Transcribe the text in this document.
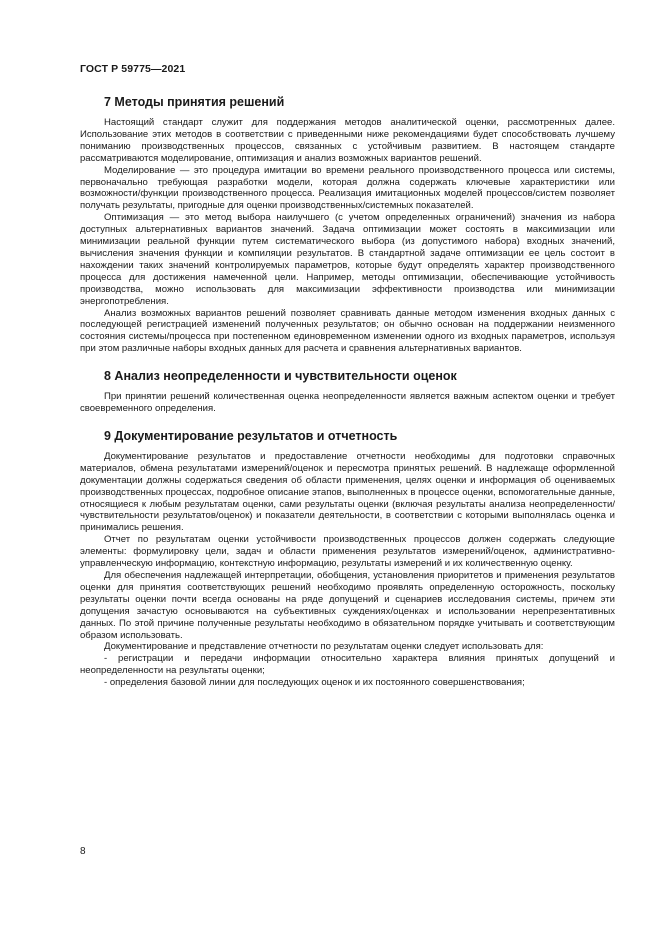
ГОСТ Р 59775—2021
7 Методы принятия решений

Настоящий стандарт служит для поддержания методов аналитической оценки, рассмотренных далее. Использование этих методов в соответствии с приведенными ниже рекомендациями будет способствовать лучшему пониманию производственных процессов, связанных с устойчивым развитием. В настоящем стандарте рассматриваются моделирование, оптимизация и анализ возможных вариантов решений.

Моделирование — это процедура имитации во времени реального производственного процесса или системы, первоначально требующая разработки модели, которая должна содержать ключевые характеристики или возможности/функции производственного процесса. Реализация имитационных моделей процессов/систем позволяет получать результаты, пригодные для оценки производственных/системных показателей.

Оптимизация — это метод выбора наилучшего (с учетом определенных ограничений) значения из набора доступных альтернативных вариантов значений. Задача оптимизации может состоять в максимизации или минимизации реальной функции путем систематического выбора (из допустимого набора) входных значений, вычисления значения функции и компиляции результатов. В стандартной задаче оптимизации ее цель состоит в нахождении таких значений контролируемых параметров, которые будут определять характер производственного процесса для достижения намеченной цели. Например, методы оптимизации, обеспечивающие устойчивость производства, можно использовать для максимизации эффективности производства или минимизации энергопотребления.

Анализ возможных вариантов решений позволяет сравнивать данные методом изменения входных данных с последующей регистрацией изменений полученных результатов; он обычно основан на поддержании неизменного состояния системы/процесса при постепенном единовременном изменении одного из входных параметров, используя при этом различные наборы входных данных для расчета и сравнения альтернативных вариантов.

8 Анализ неопределенности и чувствительности оценок

При принятии решений количественная оценка неопределенности является важным аспектом оценки и требует своевременного определения.

9 Документирование результатов и отчетность

Документирование результатов и предоставление отчетности необходимы для подготовки справочных материалов, обмена результатами измерений/оценок и пересмотра принятых решений. В надлежаще оформленной документации должны содержаться сведения об области применения, целях оценки и информация об оцениваемых производственных процессах, подробное описание этапов, выполненных в процессе оценки, вспомогательные данные, относящиеся к любым результатам оценки, сами результаты оценки (включая результаты анализа неопределенности/чувствительности результатов/оценок) и показатели деятельности, в соответствии с которыми выполнялась оценка и принимались решения.

Отчет по результатам оценки устойчивости производственных процессов должен содержать следующие элементы: формулировку цели, задач и области применения результатов измерений/оценок, административно-управленческую информацию, контекстную информацию, результаты измерений и их количественную оценку.

Для обеспечения надлежащей интерпретации, обобщения, установления приоритетов и применения результатов оценки для принятия соответствующих решений необходимо проявлять определенную осторожность, поскольку результаты оценки почти всегда основаны на ряде допущений и сценариев исследования системы, причем эти допущения зачастую основываются на субъективных суждениях/оценках и использовании нерепрезентативных данных. По этой причине полученные результаты необходимо в обязательном порядке учитывать и соответствующим образом использовать.

Документирование и представление отчетности по результатам оценки следует использовать для:

- регистрации и передачи информации относительно характера влияния принятых допущений и неопределенности на результаты оценки;

- определения базовой линии для последующих оценок и их постоянного совершенствования;

8
